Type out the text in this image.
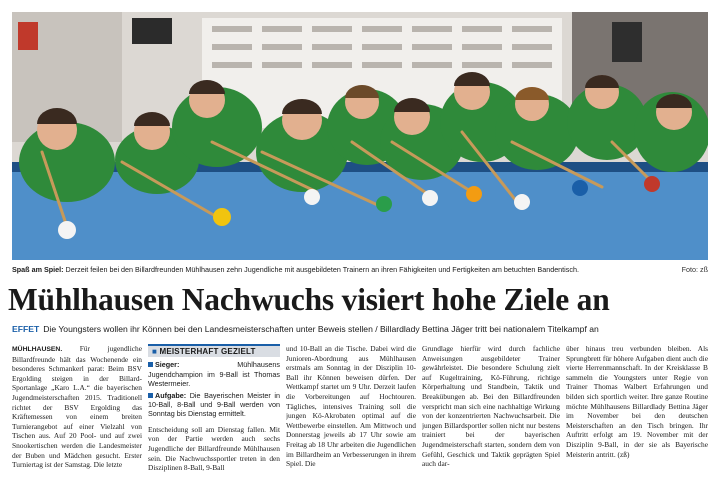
Spaß am Spiel: Derzeit feilen bei den Billardfreunden Mühlhausen zehn Jugendliche mit ausgebildeten Trainern an ihren Fähigkeiten und Fertigkeiten am betuchten Bandentisch.	Foto: zß
Mühlhausen Nachwuchs visiert hohe Ziele an
EFFET Die Youngsters wollen ihr Können bei den Landesmeisterschaften unter Beweis stellen / Billardlady Bettina Jäger tritt bei nationalem Titelkampf an

MÜHLHAUSEN. Für jugendliche Billardfreunde hält das Wochenende ein besonderes Schmankerl parat: Beim BSV Ergolding steigen in der Billard-Sportanlage „Karo L.A.“ die bayerischen Jugendmeisterschaften 2015. Traditionell richtet der BSV Ergolding das Kräftemessen von einem breiten Turnierangebot auf einer Vielzahl von Tischen aus. Auf 20 Pool- und auf zwei Snookertischen werden die Landesmeister der Buben und Mädchen gesucht. Erster Turniertag ist der Samstag. Die letzte

■ MEISTERHAFT GEZIELT
Sieger: Mühlhausens Jugendchampion im 9-Ball ist Thomas Westermeier.
Aufgabe: Die Bayerischen Meister in 10-Ball, 8-Ball und 9-Ball werden von Sonntag bis Dienstag ermittelt.

Entscheidung soll am Dienstag fallen. Mit von der Partie werden auch sechs Jugendliche der Billardfreunde Mühlhausen sein. Die Nachwuchssportler treten in den Disziplinen 8-Ball, 9-Ball

und 10-Ball an die Tische. Dabei wird die Junioren-Abordnung aus Mühlhausen erstmals am Sonntag in der Disziplin 10-Ball ihr Können beweisen dürfen. Der Wettkampf startet um 9 Uhr. Derzeit laufen die Vorbereitungen auf Hochtouren. Tägliches, intensives Training soll die jungen Kö-Akrobaten optimal auf die Wettbewerbe einstellen. Am Mittwoch und Donnerstag jeweils ab 17 Uhr sowie am Freitag ab 18 Uhr arbeiten die Jugendlichen im Billardheim an Verbesserungen in ihrem Spiel. Die

Grundlage hierfür wird durch fachliche Anweisungen ausgebildeter Trainer gewährleistet. Die besondere Schulung zielt auf Kugeltraining, Kö-Führung, richtige Körperhaltung und Standbein, Taktik und Breakübungen ab. Bei den Billardfreunden verspricht man sich eine nachhaltige Wirkung von der konzentrierten Nachwuchsarbeit. Die jungen Billardsportler sollen nicht nur bestens trainiert bei der bayerischen Jugendmeisterschaft starten, sondern dem von Gefühl, Geschick und Taktik geprägten Spiel auch dar-

über hinaus treu verbunden bleiben. Als Sprungbrett für höhere Aufgaben dient auch die vierte Herrenmannschaft. In der Kreisklasse B sammeln die Youngsters unter Regie von Trainer Thomas Walbert Erfahrungen und bilden sich sportlich weiter. Ihre ganze Routine möchte Mühlhausens Billardlady Bettina Jäger im November bei den deutschen Meisterschaften an den Tisch bringen. Ihr Auftritt erfolgt am 19. November mit der Disziplin 9-Ball, in der sie als Bayerische Meisterin antritt. (zß)
